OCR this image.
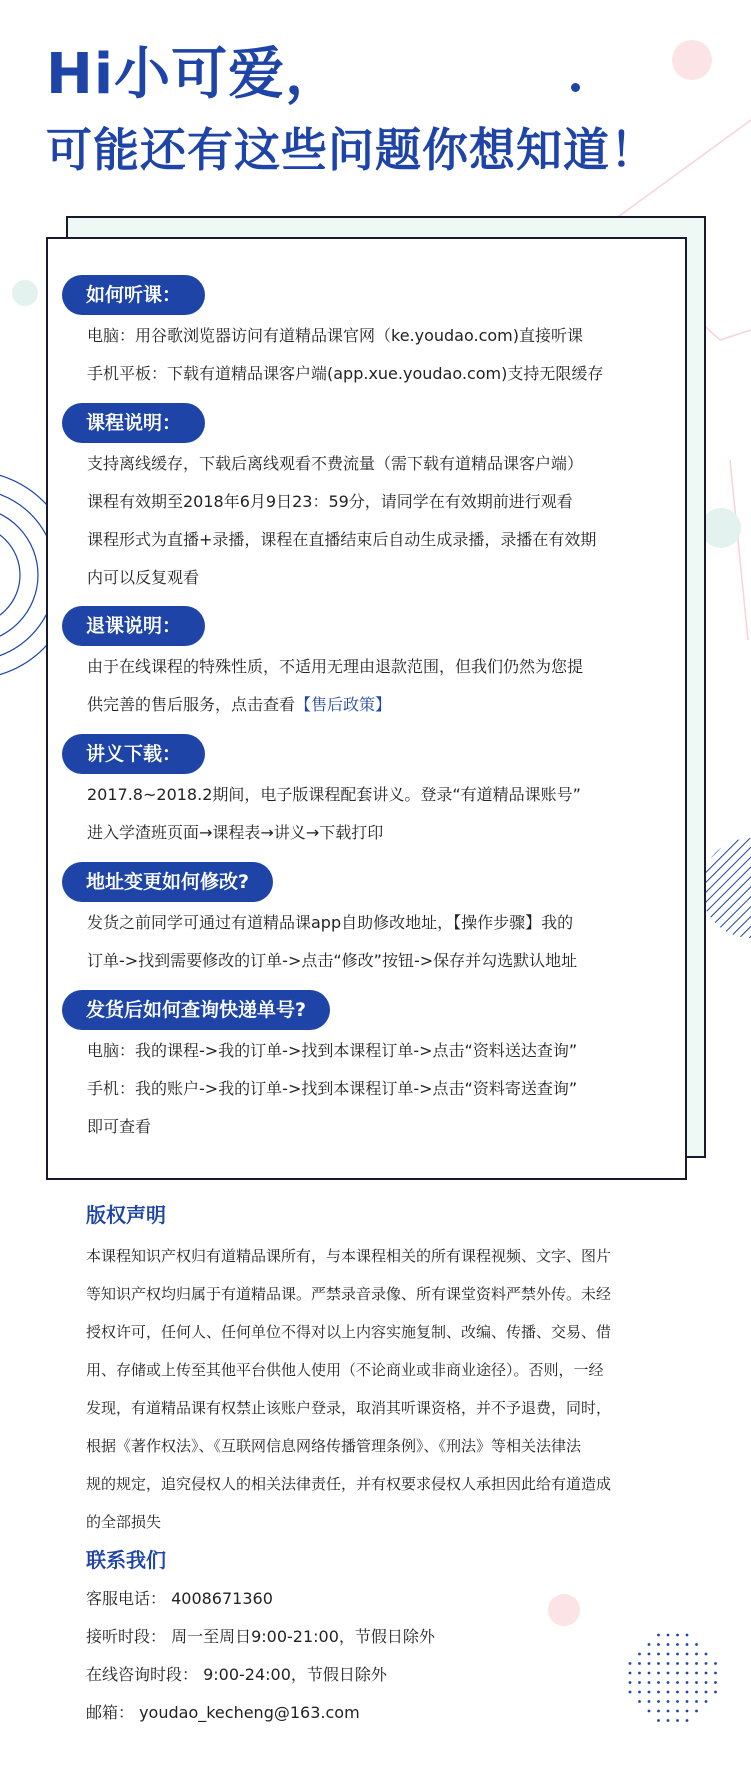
Hi小可爱，
可能还有这些问题你想知道！
如何听课：
电脑：用谷歌浏览器访问有道精品课官网（ke.youdao.com)直接听课
手机平板：下载有道精品课客户端(app.xue.youdao.com)支持无限缓存
课程说明：
支持离线缓存，下载后离线观看不费流量（需下载有道精品课客户端）
课程有效期至2018年6月9日23：59分，请同学在有效期前进行观看
课程形式为直播+录播，课程在直播结束后自动生成录播，录播在有效期
内可以反复观看
退课说明：
由于在线课程的特殊性质，不适用无理由退款范围，但我们仍然为您提
供完善的售后服务，点击查看【售后政策】
讲义下载：
2017.8~2018.2期间，电子版课程配套讲义。登录“有道精品课账号”
进入学渣班页面→课程表→讲义→下载打印
地址变更如何修改?
发货之前同学可通过有道精品课app自助修改地址，【操作步骤】我的
订单->找到需要修改的订单->点击“修改”按钮->保存并勾选默认地址
发货后如何查询快递单号?
电脑：我的课程->我的订单->找到本课程订单->点击“资料送达查询”
手机：我的账户->我的订单->找到本课程订单->点击“资料寄送查询”
即可查看
版权声明
本课程知识产权归有道精品课所有，与本课程相关的所有课程视频、文字、图片
等知识产权均归属于有道精品课。严禁录音录像、所有课堂资料严禁外传。未经
授权许可，任何人、任何单位不得对以上内容实施复制、改编、传播、交易、借
用、存储或上传至其他平台供他人使用（不论商业或非商业途径）。否则，一经
发现，有道精品课有权禁止该账户登录，取消其听课资格，并不予退费，同时，
根据《著作权法》、《互联网信息网络传播管理条例》、《刑法》等相关法律法
规的规定，追究侵权人的相关法律责任，并有权要求侵权人承担因此给有道造成
的全部损失
联系我们
客服电话： 4008671360
接听时段： 周一至周日9:00-21:00，节假日除外
在线咨询时段： 9:00-24:00，节假日除外
邮箱： youdao_kecheng@163.com
